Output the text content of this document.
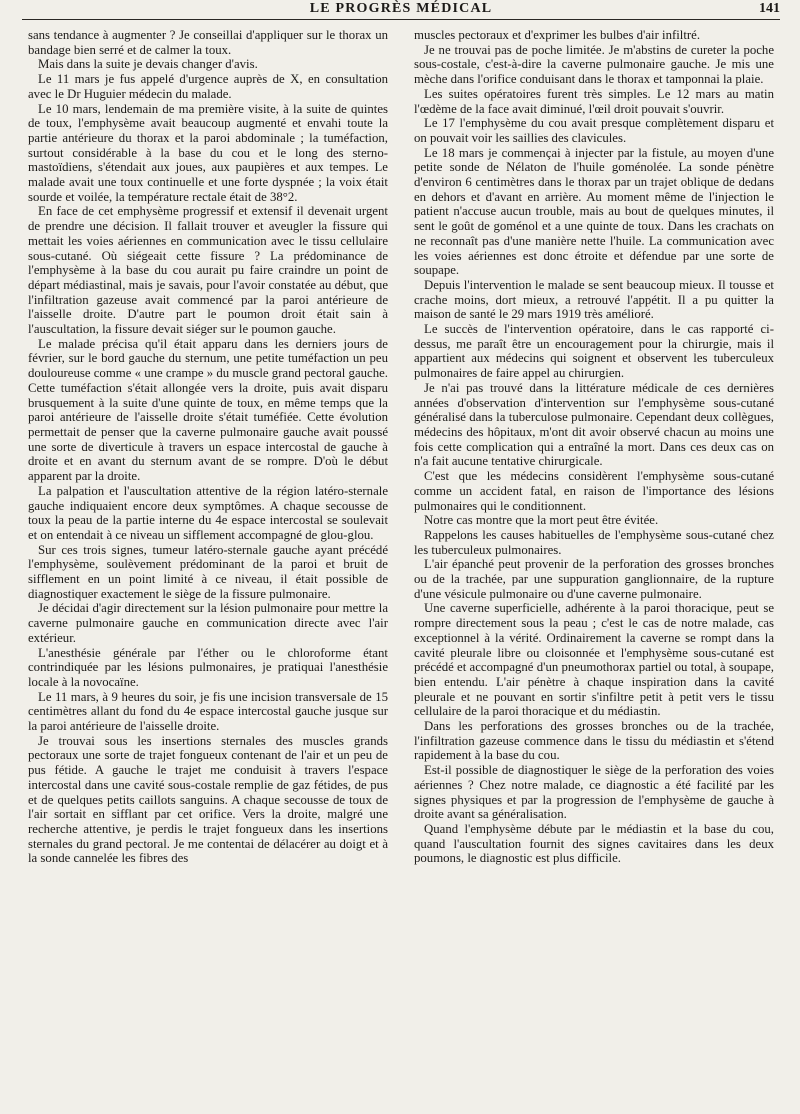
LE PROGRÈS MÉDICAL	141

sans tendance à augmenter ? Je conseillai d'appliquer sur le thorax un bandage bien serré et de calmer la toux.

Mais dans la suite je devais changer d'avis.

Le 11 mars je fus appelé d'urgence auprès de X, en consultation avec le Dr Huguier médecin du malade.

Le 10 mars, lendemain de ma première visite, à la suite de quintes de toux, l'emphysème avait beaucoup augmenté et envahi toute la partie antérieure du thorax et la paroi abdominale ; la tuméfaction, surtout considérable à la base du cou et le long des sterno-mastoïdiens, s'étendait aux joues, aux paupières et aux tempes. Le malade avait une toux continuelle et une forte dyspnée ; la voix était sourde et voilée, la température rectale était de 38°2.

En face de cet emphysème progressif et extensif il devenait urgent de prendre une décision. Il fallait trouver et aveugler la fissure qui mettait les voies aériennes en communication avec le tissu cellulaire sous-cutané. Où siégeait cette fissure ? La prédominance de l'emphysème à la base du cou aurait pu faire craindre un point de départ médiastinal, mais je savais, pour l'avoir constatée au début, que l'infiltration gazeuse avait commencé par la paroi antérieure de l'aisselle droite. D'autre part le poumon droit était sain à l'auscultation, la fissure devait siéger sur le poumon gauche.

Le malade précisa qu'il était apparu dans les derniers jours de février, sur le bord gauche du sternum, une petite tuméfaction un peu douloureuse comme « une crampe » du muscle grand pectoral gauche. Cette tuméfaction s'était allongée vers la droite, puis avait disparu brusquement à la suite d'une quinte de toux, en même temps que la paroi antérieure de l'aisselle droite s'était tuméfiée. Cette évolution permettait de penser que la caverne pulmonaire gauche avait poussé une sorte de diverticule à travers un espace intercostal de gauche à droite et en avant du sternum avant de se rompre. D'où le début apparent par la droite.

La palpation et l'auscultation attentive de la région latéro-sternale gauche indiquaient encore deux symptômes. A chaque secousse de toux la peau de la partie interne du 4e espace intercostal se soulevait et on entendait à ce niveau un sifflement accompagné de glou-glou.

Sur ces trois signes, tumeur latéro-sternale gauche ayant précédé l'emphysème, soulèvement prédominant de la paroi et bruit de sifflement en un point limité à ce niveau, il était possible de diagnostiquer exactement le siège de la fissure pulmonaire.

Je décidai d'agir directement sur la lésion pulmonaire pour mettre la caverne pulmonaire gauche en communication directe avec l'air extérieur.

L'anesthésie générale par l'éther ou le chloroforme étant contrindiquée par les lésions pulmonaires, je pratiquai l'anesthésie locale à la novocaïne.

Le 11 mars, à 9 heures du soir, je fis une incision transversale de 15 centimètres allant du fond du 4e espace intercostal gauche jusque sur la paroi antérieure de l'aisselle droite.

Je trouvai sous les insertions sternales des muscles grands pectoraux une sorte de trajet fongueux contenant de l'air et un peu de pus fétide. A gauche le trajet me conduisit à travers l'espace intercostal dans une cavité sous-costale remplie de gaz fétides, de pus et de quelques petits caillots sanguins. A chaque secousse de toux de l'air sortait en sifflant par cet orifice. Vers la droite, malgré une recherche attentive, je perdis le trajet fongueux dans les insertions sternales du grand pectoral. Je me contentai de délacérer au doigt et à la sonde cannelée les fibres des

muscles pectoraux et d'exprimer les bulbes d'air infiltré.

Je ne trouvai pas de poche limitée. Je m'abstins de cureter la poche sous-costale, c'est-à-dire la caverne pulmonaire gauche. Je mis une mèche dans l'orifice conduisant dans le thorax et tamponnai la plaie.

Les suites opératoires furent très simples. Le 12 mars au matin l'œdème de la face avait diminué, l'œil droit pouvait s'ouvrir.

Le 17 l'emphysème du cou avait presque complètement disparu et on pouvait voir les saillies des clavicules.

Le 18 mars je commençai à injecter par la fistule, au moyen d'une petite sonde de Nélaton de l'huile goménolée. La sonde pénètre d'environ 6 centimètres dans le thorax par un trajet oblique de dedans en dehors et d'avant en arrière. Au moment même de l'injection le patient n'accuse aucun trouble, mais au bout de quelques minutes, il sent le goût de goménol et a une quinte de toux. Dans les crachats on ne reconnaît pas d'une manière nette l'huile. La communication avec les voies aériennes est donc étroite et défendue par une sorte de soupape.

Depuis l'intervention le malade se sent beaucoup mieux. Il tousse et crache moins, dort mieux, a retrouvé l'appétit. Il a pu quitter la maison de santé le 29 mars 1919 très amélioré.

Le succès de l'intervention opératoire, dans le cas rapporté ci-dessus, me paraît être un encouragement pour la chirurgie, mais il appartient aux médecins qui soignent et observent les tuberculeux pulmonaires de faire appel au chirurgien.

Je n'ai pas trouvé dans la littérature médicale de ces dernières années d'observation d'intervention sur l'emphysème sous-cutané généralisé dans la tuberculose pulmonaire. Cependant deux collègues, médecins des hôpitaux, m'ont dit avoir observé chacun au moins une fois cette complication qui a entraîné la mort. Dans ces deux cas on n'a fait aucune tentative chirurgicale.

C'est que les médecins considèrent l'emphysème sous-cutané comme un accident fatal, en raison de l'importance des lésions pulmonaires qui le conditionnent.

Notre cas montre que la mort peut être évitée.

Rappelons les causes habituelles de l'emphysème sous-cutané chez les tuberculeux pulmonaires.

L'air épanché peut provenir de la perforation des grosses bronches ou de la trachée, par une suppuration ganglionnaire, de la rupture d'une vésicule pulmonaire ou d'une caverne pulmonaire.

Une caverne superficielle, adhérente à la paroi thoracique, peut se rompre directement sous la peau ; c'est le cas de notre malade, cas exceptionnel à la vérité. Ordinairement la caverne se rompt dans la cavité pleurale libre ou cloisonnée et l'emphysème sous-cutané est précédé et accompagné d'un pneumothorax partiel ou total, à soupape, bien entendu. L'air pénètre à chaque inspiration dans la cavité pleurale et ne pouvant en sortir s'infiltre petit à petit vers le tissu cellulaire de la paroi thoracique et du médiastin.

Dans les perforations des grosses bronches ou de la trachée, l'infiltration gazeuse commence dans le tissu du médiastin et s'étend rapidement à la base du cou.

Est-il possible de diagnostiquer le siège de la perforation des voies aériennes ? Chez notre malade, ce diagnostic a été facilité par les signes physiques et par la progression de l'emphysème de gauche à droite avant sa généralisation.

Quand l'emphysème débute par le médiastin et la base du cou, quand l'auscultation fournit des signes cavitaires dans les deux poumons, le diagnostic est plus difficile.
